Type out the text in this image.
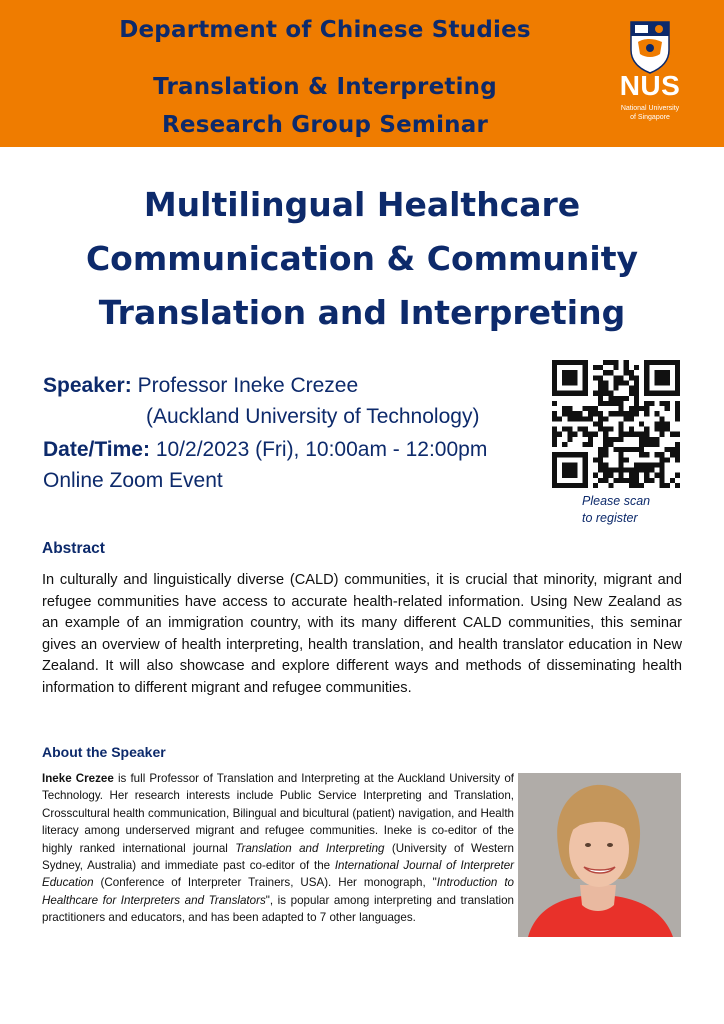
Department of Chinese Studies
Translation & Interpreting
Research Group Seminar
NUS
National University
of Singapore
Multilingual Healthcare
Communication & Community
Translation and Interpreting
Speaker: Professor Ineke Crezee
(Auckland University of Technology)
Date/Time: 10/2/2023 (Fri), 10:00am - 12:00pm
Online Zoom Event
Please scan
to register
Abstract
In culturally and linguistically diverse (CALD) communities, it is crucial that minority, migrant and refugee communities have access to accurate health-related information. Using New Zealand as an example of an immigration country, with its many different CALD communities, this seminar gives an overview of health interpreting, health translation, and health translator education in New Zealand. It will also showcase and explore different ways and methods of disseminating health information to different migrant and refugee communities.
About the Speaker
Ineke Crezee is full Professor of Translation and Interpreting at the Auckland University of Technology. Her research interests include Public Service Interpreting and Translation, Crosscultural health communication, Bilingual and bicultural (patient) navigation, and Health literacy among underserved migrant and refugee communities. Ineke is co-editor of the highly ranked international journal Translation and Interpreting (University of Western Sydney, Australia) and immediate past co-editor of the International Journal of Interpreter Education (Conference of Interpreter Trainers, USA). Her monograph, "Introduction to Healthcare for Interpreters and Translators", is popular among interpreting and translation practitioners and educators, and has been adapted to 7 other languages.
